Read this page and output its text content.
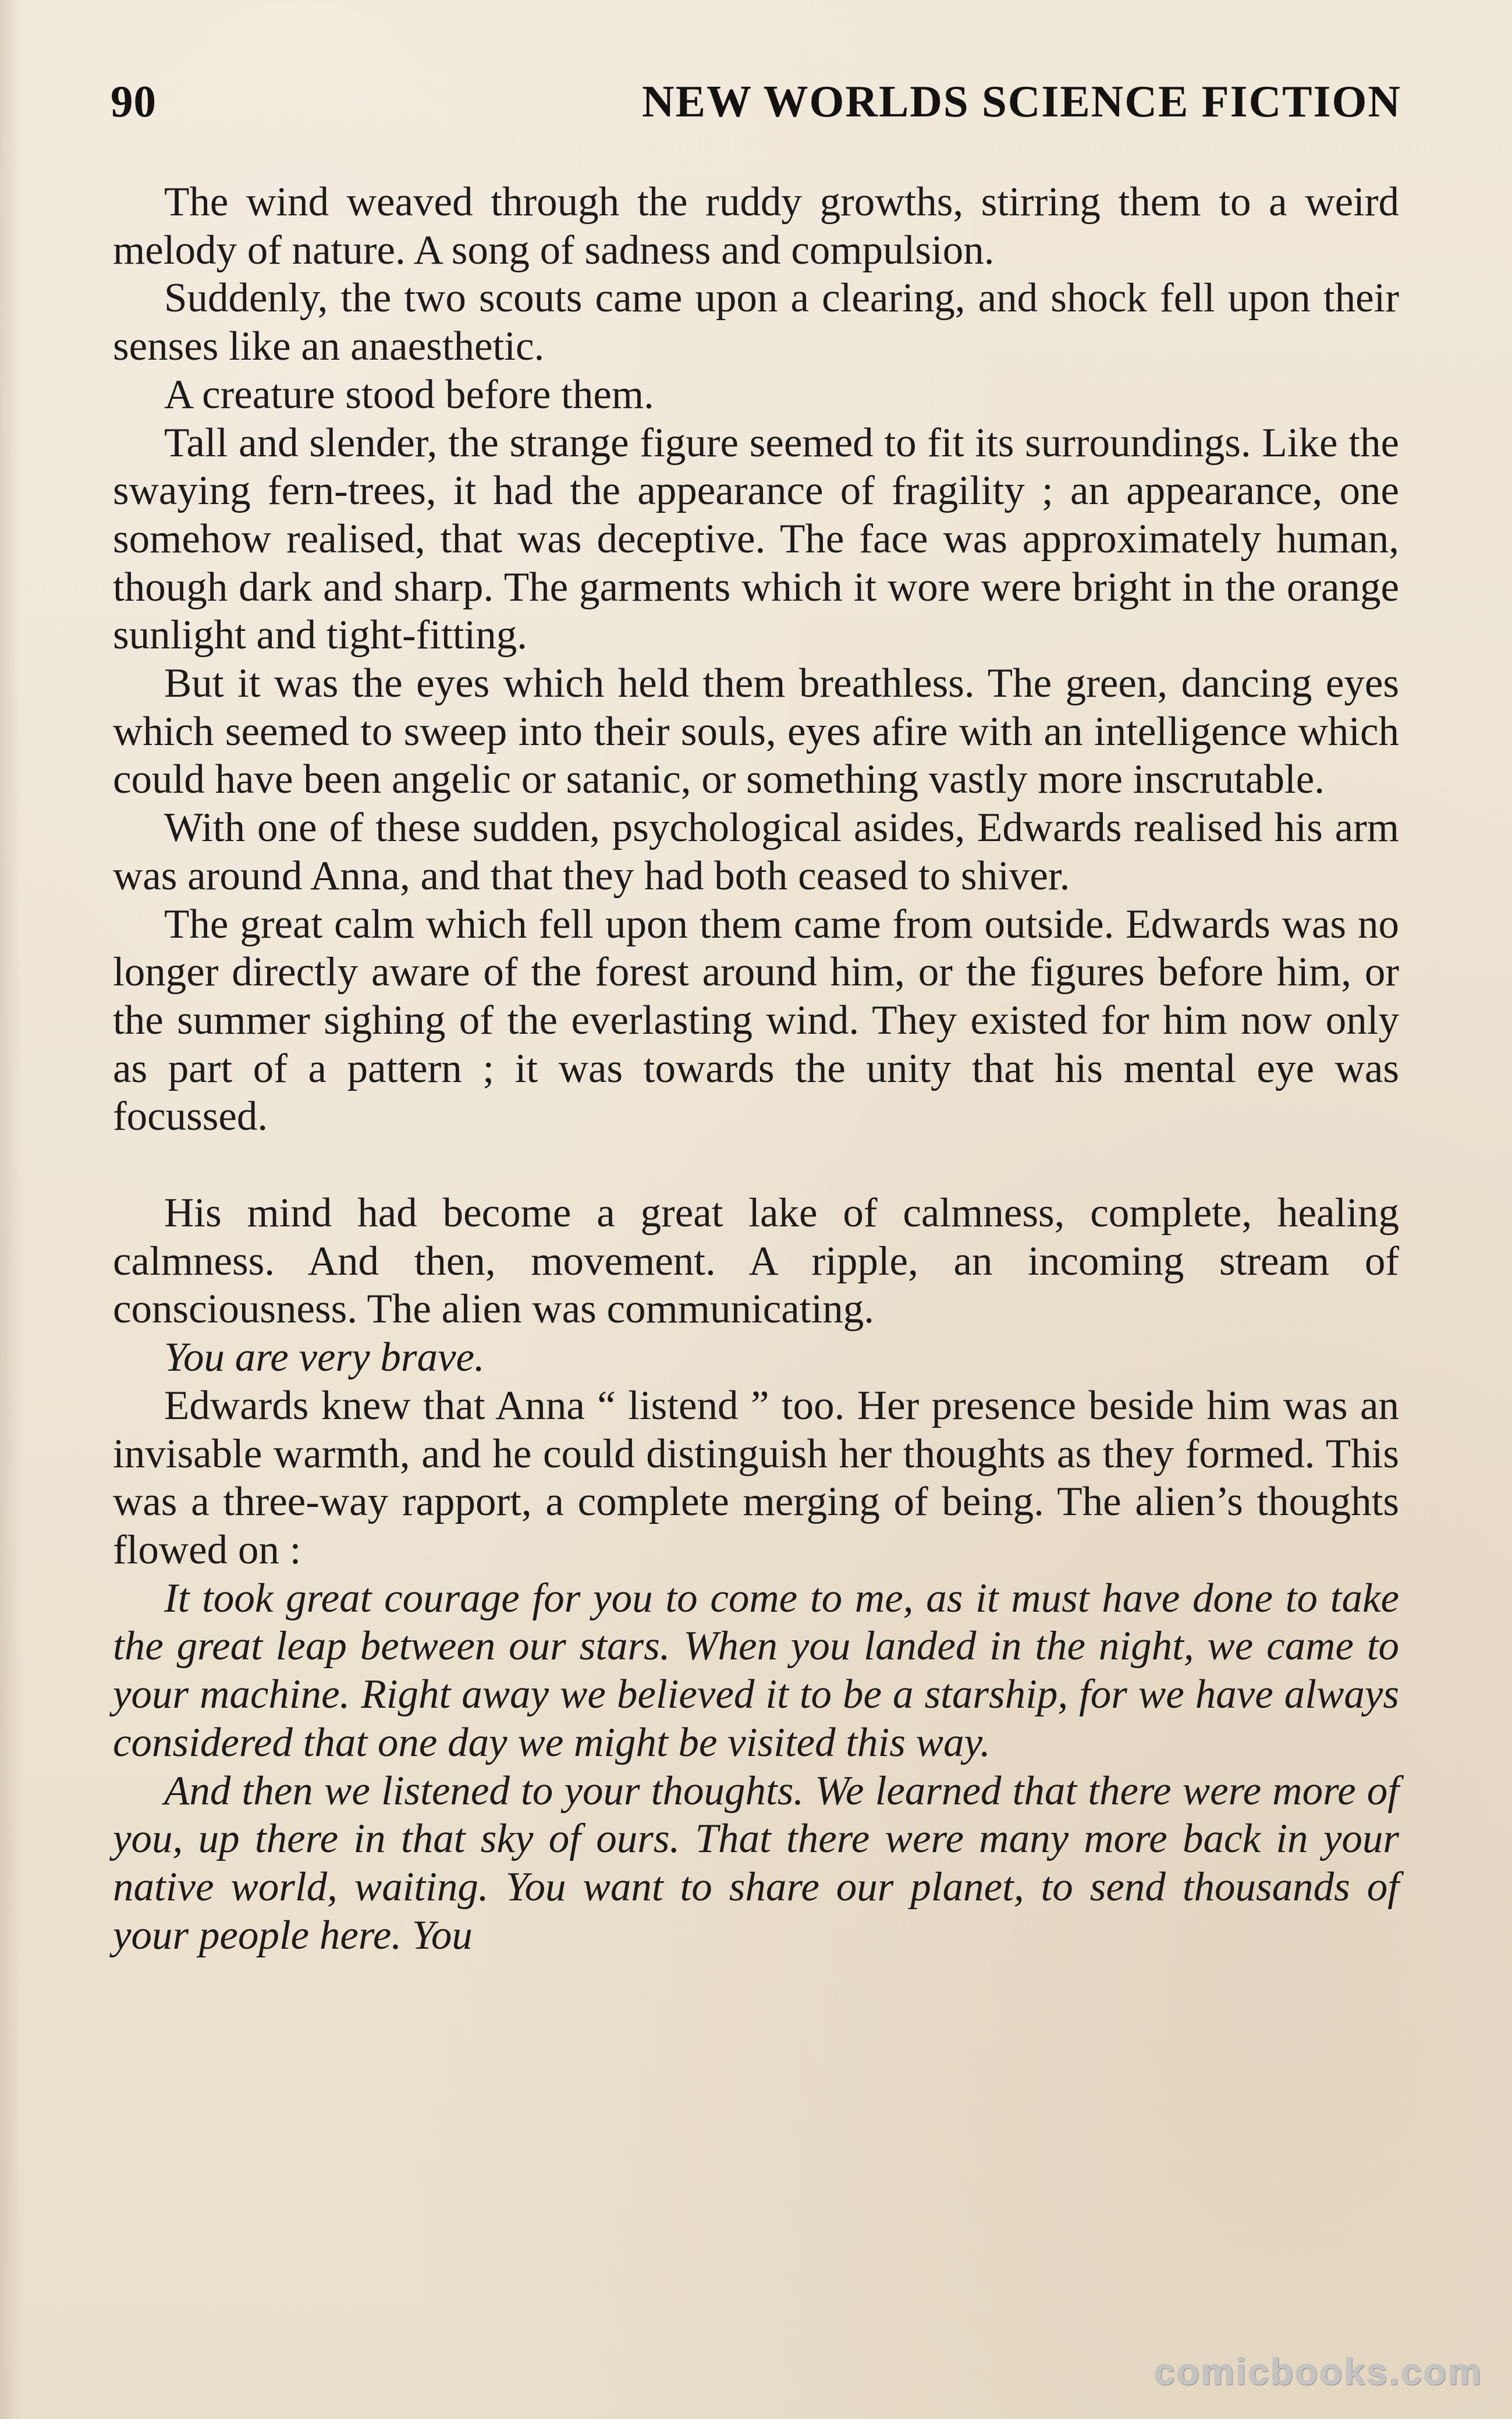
90	NEW WORLDS SCIENCE FICTION

The wind weaved through the ruddy growths, stirring them to a weird melody of nature. A song of sadness and compulsion.

Suddenly, the two scouts came upon a clearing, and shock fell upon their senses like an anaesthetic.

A creature stood before them.

Tall and slender, the strange figure seemed to fit its surroundings. Like the swaying fern-trees, it had the appearance of fragility ; an appearance, one somehow realised, that was deceptive. The face was approximately human, though dark and sharp. The garments which it wore were bright in the orange sunlight and tight-fitting.

But it was the eyes which held them breathless. The green, dancing eyes which seemed to sweep into their souls, eyes afire with an intelligence which could have been angelic or satanic, or something vastly more inscrutable.

With one of these sudden, psychological asides, Edwards realised his arm was around Anna, and that they had both ceased to shiver.

The great calm which fell upon them came from outside. Edwards was no longer directly aware of the forest around him, or the figures before him, or the summer sighing of the everlasting wind. They existed for him now only as part of a pattern ; it was towards the unity that his mental eye was focussed.

His mind had become a great lake of calmness, complete, healing calmness. And then, movement. A ripple, an incoming stream of consciousness. The alien was communicating.

You are very brave.

Edwards knew that Anna “ listend ” too. Her presence beside him was an invisable warmth, and he could distinguish her thoughts as they formed. This was a three-way rapport, a complete merging of being. The alien’s thoughts flowed on :

It took great courage for you to come to me, as it must have done to take the great leap between our stars. When you landed in the night, we came to your machine. Right away we believed it to be a starship, for we have always considered that one day we might be visited this way.

And then we listened to your thoughts. We learned that there were more of you, up there in that sky of ours. That there were many more back in your native world, waiting. You want to share our planet, to send thousands of your people here. You

comicbooks.com
